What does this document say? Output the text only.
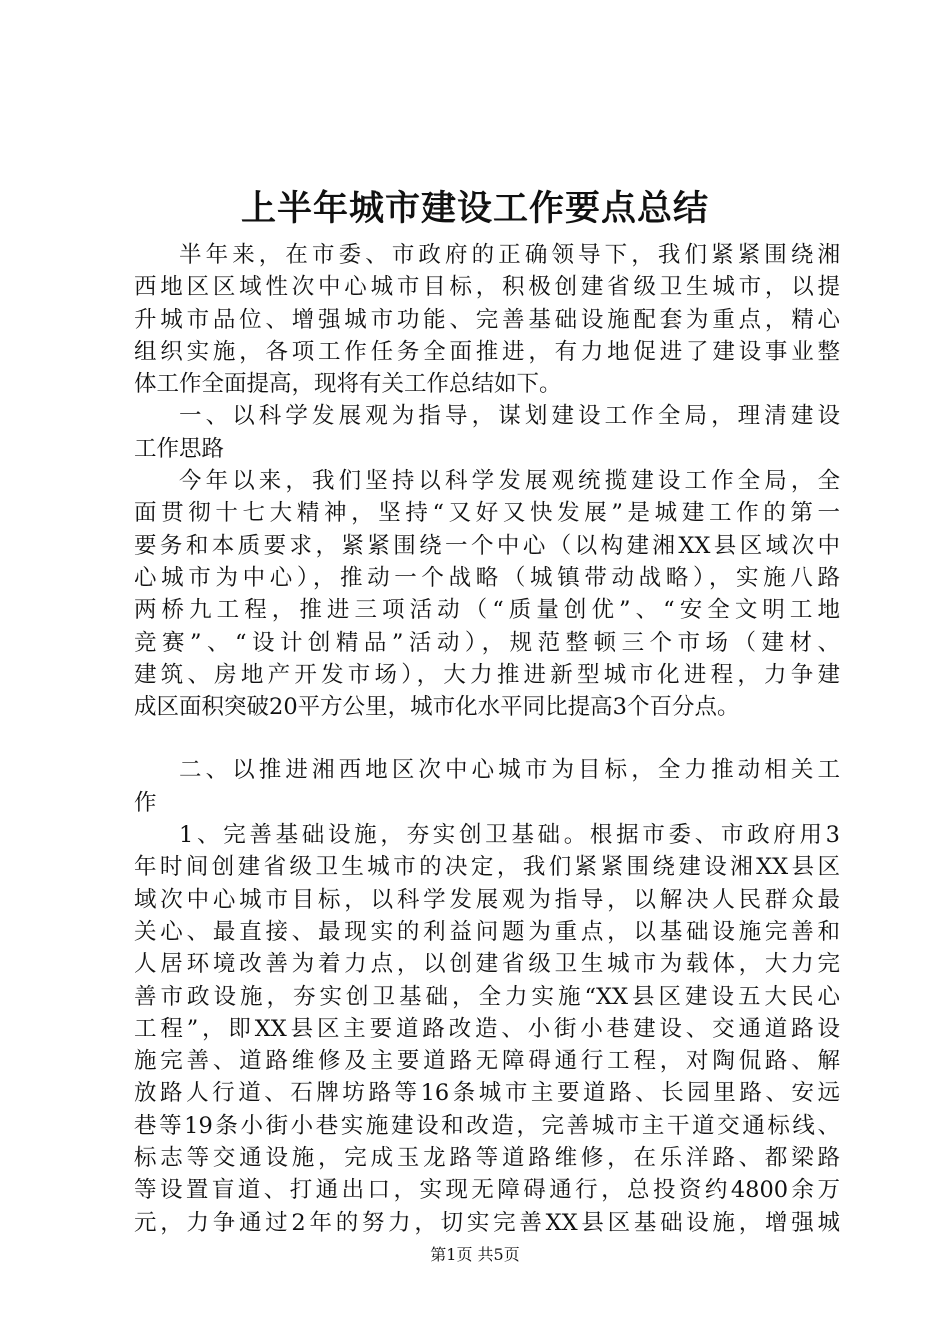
上半年城市建设工作要点总结
半年来，在市委、市政府的正确领导下，我们紧紧围绕湘
西地区区域性次中心城市目标，积极创建省级卫生城市，以提
升城市品位、增强城市功能、完善基础设施配套为重点，精心
组织实施，各项工作任务全面推进，有力地促进了建设事业整
体工作全面提高，现将有关工作总结如下。
一、以科学发展观为指导，谋划建设工作全局，理清建设
工作思路
今年以来，我们坚持以科学发展观统揽建设工作全局，全
面贯彻十七大精神，坚持“又好又快发展”是城建工作的第一
要务和本质要求，紧紧围绕一个中心（以构建湘XX县区域次中
心城市为中心），推动一个战略（城镇带动战略），实施八路
两桥九工程，推进三项活动（“质量创优”、“安全文明工地
竞赛”、“设计创精品”活动），规范整顿三个市场（建材、
建筑、房地产开发市场），大力推进新型城市化进程，力争建
成区面积突破20平方公里，城市化水平同比提高3个百分点。
二、以推进湘西地区次中心城市为目标，全力推动相关工
作
1、完善基础设施，夯实创卫基础。根据市委、市政府用3
年时间创建省级卫生城市的决定，我们紧紧围绕建设湘XX县区
域次中心城市目标，以科学发展观为指导，以解决人民群众最
关心、最直接、最现实的利益问题为重点，以基础设施完善和
人居环境改善为着力点，以创建省级卫生城市为载体，大力完
善市政设施，夯实创卫基础，全力实施“XX县区建设五大民心
工程”，即XX县区主要道路改造、小街小巷建设、交通道路设
施完善、道路维修及主要道路无障碍通行工程，对陶侃路、解
放路人行道、石牌坊路等16条城市主要道路、长园里路、安远
巷等19条小街小巷实施建设和改造，完善城市主干道交通标线、
标志等交通设施，完成玉龙路等道路维修，在乐洋路、都梁路
等设置盲道、打通出口，实现无障碍通行，总投资约4800余万
元，力争通过2年的努力，切实完善XX县区基础设施，增强城
第1页 共5页
